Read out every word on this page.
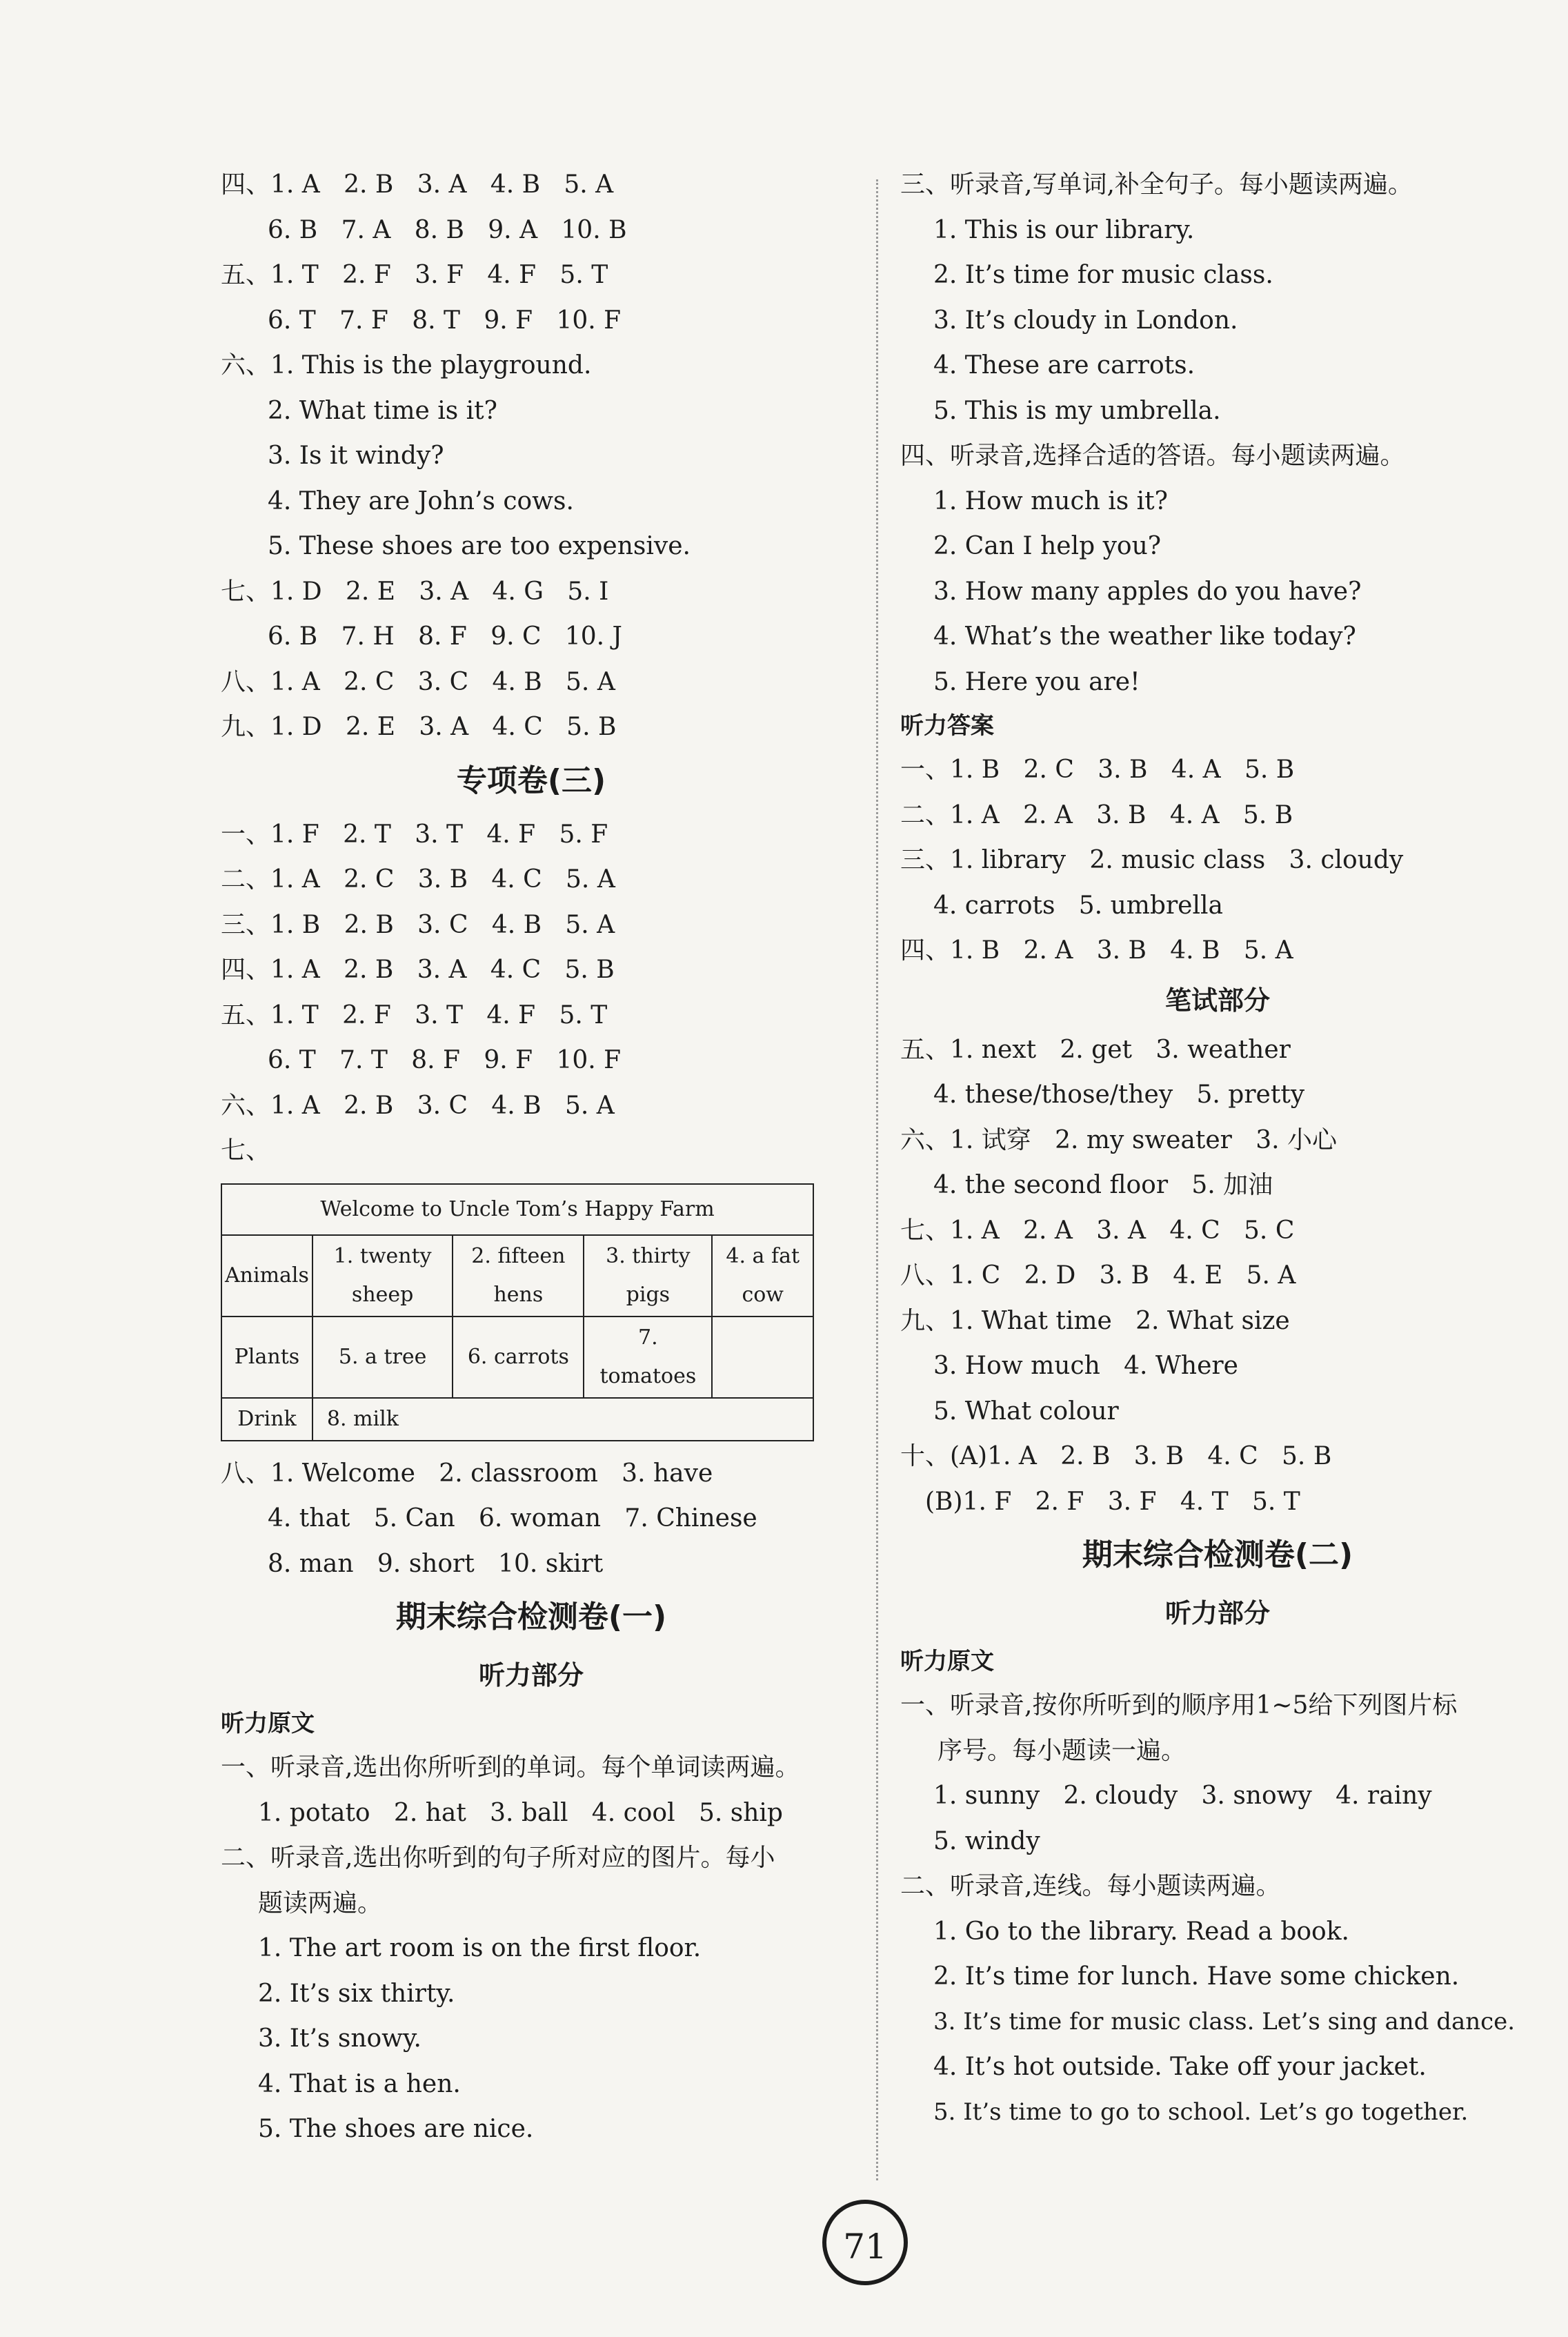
四、1. A   2. B   3. A   4. B   5. A
6. B   7. A   8. B   9. A   10. B
五、1. T   2. F   3. F   4. F   5. T
6. T   7. F   8. T   9. F   10. F
六、1. This is the playground.
2. What time is it?
3. Is it windy?
4. They are John’s cows.
5. These shoes are too expensive.
七、1. D   2. E   3. A   4. G   5. I
6. B   7. H   8. F   9. C   10. J
八、1. A   2. C   3. C   4. B   5. A
九、1. D   2. E   3. A   4. C   5. B
专项卷(三)
一、1. F   2. T   3. T   4. F   5. F
二、1. A   2. C   3. B   4. C   5. A
三、1. B   2. B   3. C   4. B   5. A
四、1. A   2. B   3. A   4. C   5. B
五、1. T   2. F   3. T   4. F   5. T
6. T   7. T   8. F   9. F   10. F
六、1. A   2. B   3. C   4. B   5. A
七、
Welcome to Uncle Tom’s Happy Farm				
Animals	1. twenty sheep	2. fifteen hens	3. thirty pigs	4. a fat cow
Plants	5. a tree	6. carrots	7. tomatoes	
Drink	8. milk			
八、1. Welcome   2. classroom   3. have
4. that   5. Can   6. woman   7. Chinese
8. man   9. short   10. skirt
期末综合检测卷(一)
听力部分
听力原文
一、听录音,选出你所听到的单词。每个单词读两遍。
1. potato   2. hat   3. ball   4. cool   5. ship
二、听录音,选出你听到的句子所对应的图片。每小
题读两遍。
1. The art room is on the first floor.
2. It’s six thirty.
3. It’s snowy.
4. That is a hen.
5. The shoes are nice.
三、听录音,写单词,补全句子。每小题读两遍。
1. This is our library.
2. It’s time for music class.
3. It’s cloudy in London.
4. These are carrots.
5. This is my umbrella.
四、听录音,选择合适的答语。每小题读两遍。
1. How much is it?
2. Can I help you?
3. How many apples do you have?
4. What’s the weather like today?
5. Here you are!
听力答案
一、1. B   2. C   3. B   4. A   5. B
二、1. A   2. A   3. B   4. A   5. B
三、1. library   2. music class   3. cloudy
4. carrots   5. umbrella
四、1. B   2. A   3. B   4. B   5. A
笔试部分
五、1. next   2. get   3. weather
4. these/those/they   5. pretty
六、1. 试穿   2. my sweater   3. 小心
4. the second floor   5. 加油
七、1. A   2. A   3. A   4. C   5. C
八、1. C   2. D   3. B   4. E   5. A
九、1. What time   2. What size
3. How much   4. Where
5. What colour
十、(A)1. A   2. B   3. B   4. C   5. B
(B)1. F   2. F   3. F   4. T   5. T
期末综合检测卷(二)
听力部分
听力原文
一、听录音,按你所听到的顺序用1~5给下列图片标
序号。每小题读一遍。
1. sunny   2. cloudy   3. snowy   4. rainy
5. windy
二、听录音,连线。每小题读两遍。
1. Go to the library. Read a book.
2. It’s time for lunch. Have some chicken.
3. It’s time for music class. Let’s sing and dance.
4. It’s hot outside. Take off your jacket.
5. It’s time to go to school. Let’s go together.
71
